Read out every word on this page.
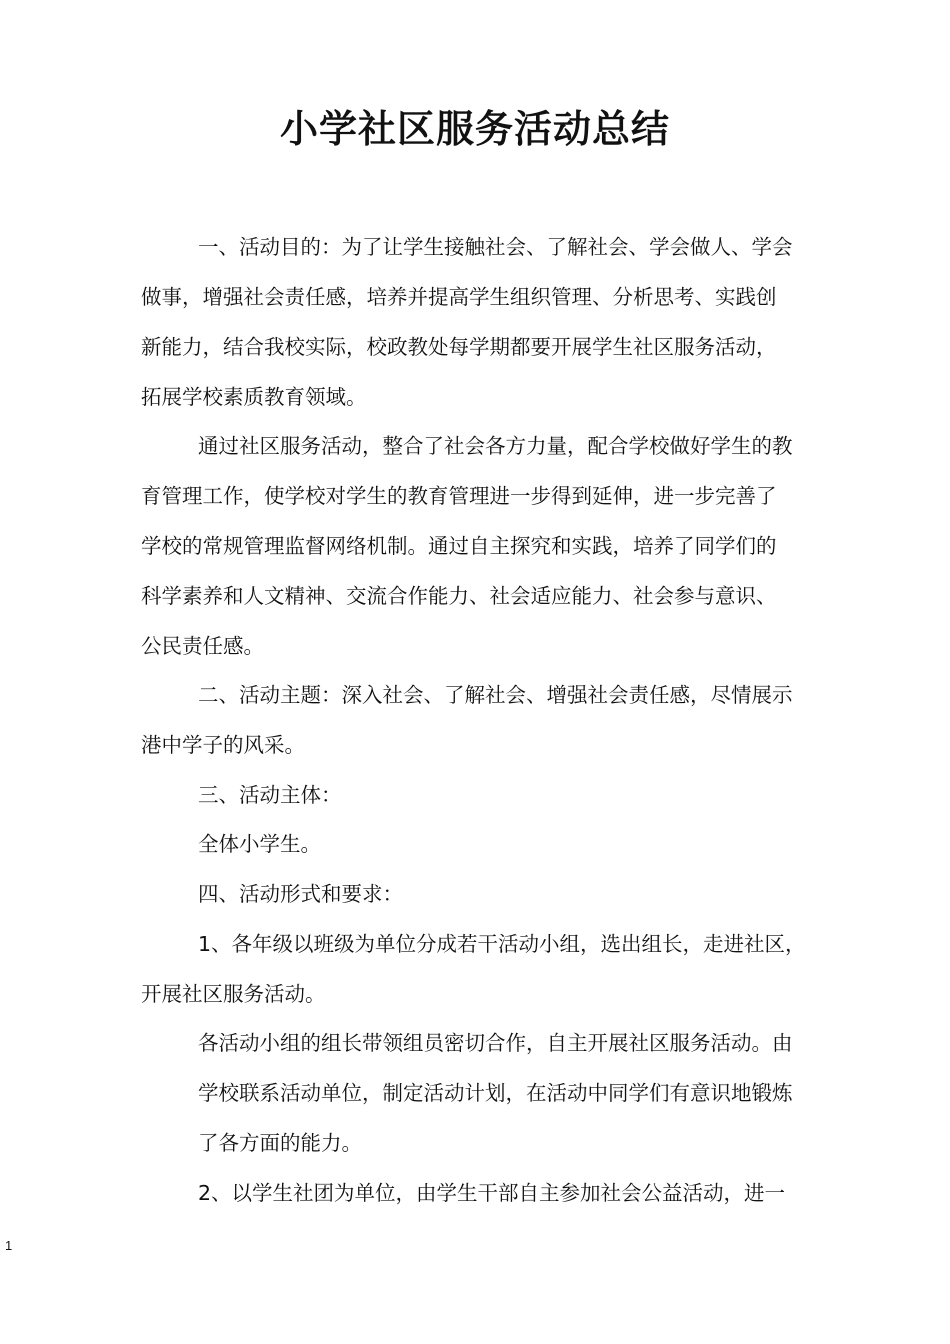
小学社区服务活动总结
一、活动目的：为了让学生接触社会、了解社会、学会做人、学会
做事，增强社会责任感，培养并提高学生组织管理、分析思考、实践创
新能力，结合我校实际，校政教处每学期都要开展学生社区服务活动，
拓展学校素质教育领域。
通过社区服务活动，整合了社会各方力量，配合学校做好学生的教
育管理工作，使学校对学生的教育管理进一步得到延伸，进一步完善了
学校的常规管理监督网络机制。通过自主探究和实践，培养了同学们的
科学素养和人文精神、交流合作能力、社会适应能力、社会参与意识、
公民责任感。
二、活动主题：深入社会、了解社会、增强社会责任感，尽情展示
港中学子的风采。
三、活动主体：
全体小学生。
四、活动形式和要求：
1、各年级以班级为单位分成若干活动小组，选出组长，走进社区，
开展社区服务活动。
各活动小组的组长带领组员密切合作，自主开展社区服务活动。由
学校联系活动单位，制定活动计划，在活动中同学们有意识地锻炼
了各方面的能力。
2、以学生社团为单位，由学生干部自主参加社会公益活动，进一
1
